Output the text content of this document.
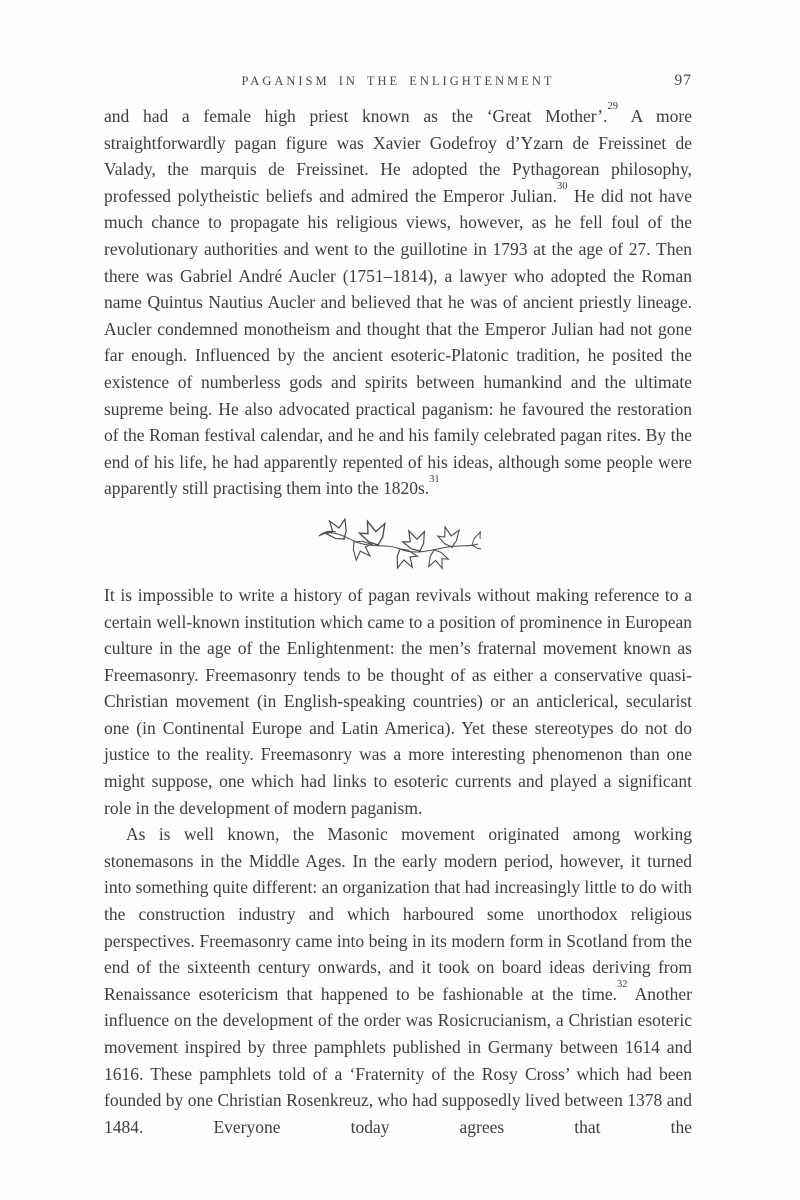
PAGANISM IN THE ENLIGHTENMENT	97

and had a female high priest known as the ‘Great Mother’.$^{29}$ A more straightforwardly pagan figure was Xavier Godefroy d’Yzarn de Freissinet de Valady, the marquis de Freissinet. He adopted the Pythagorean philosophy, professed polytheistic beliefs and admired the Emperor Julian.$^{30}$ He did not have much chance to propagate his religious views, however, as he fell foul of the revolutionary authorities and went to the guillotine in 1793 at the age of 27. Then there was Gabriel André Aucler (1751–1814), a lawyer who adopted the Roman name Quintus Nautius Aucler and believed that he was of ancient priestly lineage. Aucler condemned monotheism and thought that the Emperor Julian had not gone far enough. Influenced by the ancient esoteric-Platonic tradition, he posited the existence of numberless gods and spirits between humankind and the ultimate supreme being. He also advocated practical paganism: he favoured the restoration of the Roman festival calendar, and he and his family celebrated pagan rites. By the end of his life, he had apparently repented of his ideas, although some people were apparently still practising them into the 1820s.$^{31}$

It is impossible to write a history of pagan revivals without making reference to a certain well-known institution which came to a position of prominence in European culture in the age of the Enlightenment: the men’s fraternal movement known as Freemasonry. Freemasonry tends to be thought of as either a conservative quasi-Christian movement (in English-speaking countries) or an anticlerical, secularist one (in Continental Europe and Latin America). Yet these stereotypes do not do justice to the reality. Freemasonry was a more interesting phenomenon than one might suppose, one which had links to esoteric currents and played a significant role in the development of modern paganism.

As is well known, the Masonic movement originated among working stonemasons in the Middle Ages. In the early modern period, however, it turned into something quite different: an organization that had increasingly little to do with the construction industry and which harboured some unorthodox religious perspectives. Freemasonry came into being in its modern form in Scotland from the end of the sixteenth century onwards, and it took on board ideas deriving from Renaissance esotericism that happened to be fashionable at the time.$^{32}$ Another influence on the development of the order was Rosicrucianism, a Christian esoteric movement inspired by three pamphlets published in Germany between 1614 and 1616. These pamphlets told of a ‘Fraternity of the Rosy Cross’ which had been founded by one Christian Rosenkreuz, who had supposedly lived between 1378 and 1484. Everyone today agrees that the
